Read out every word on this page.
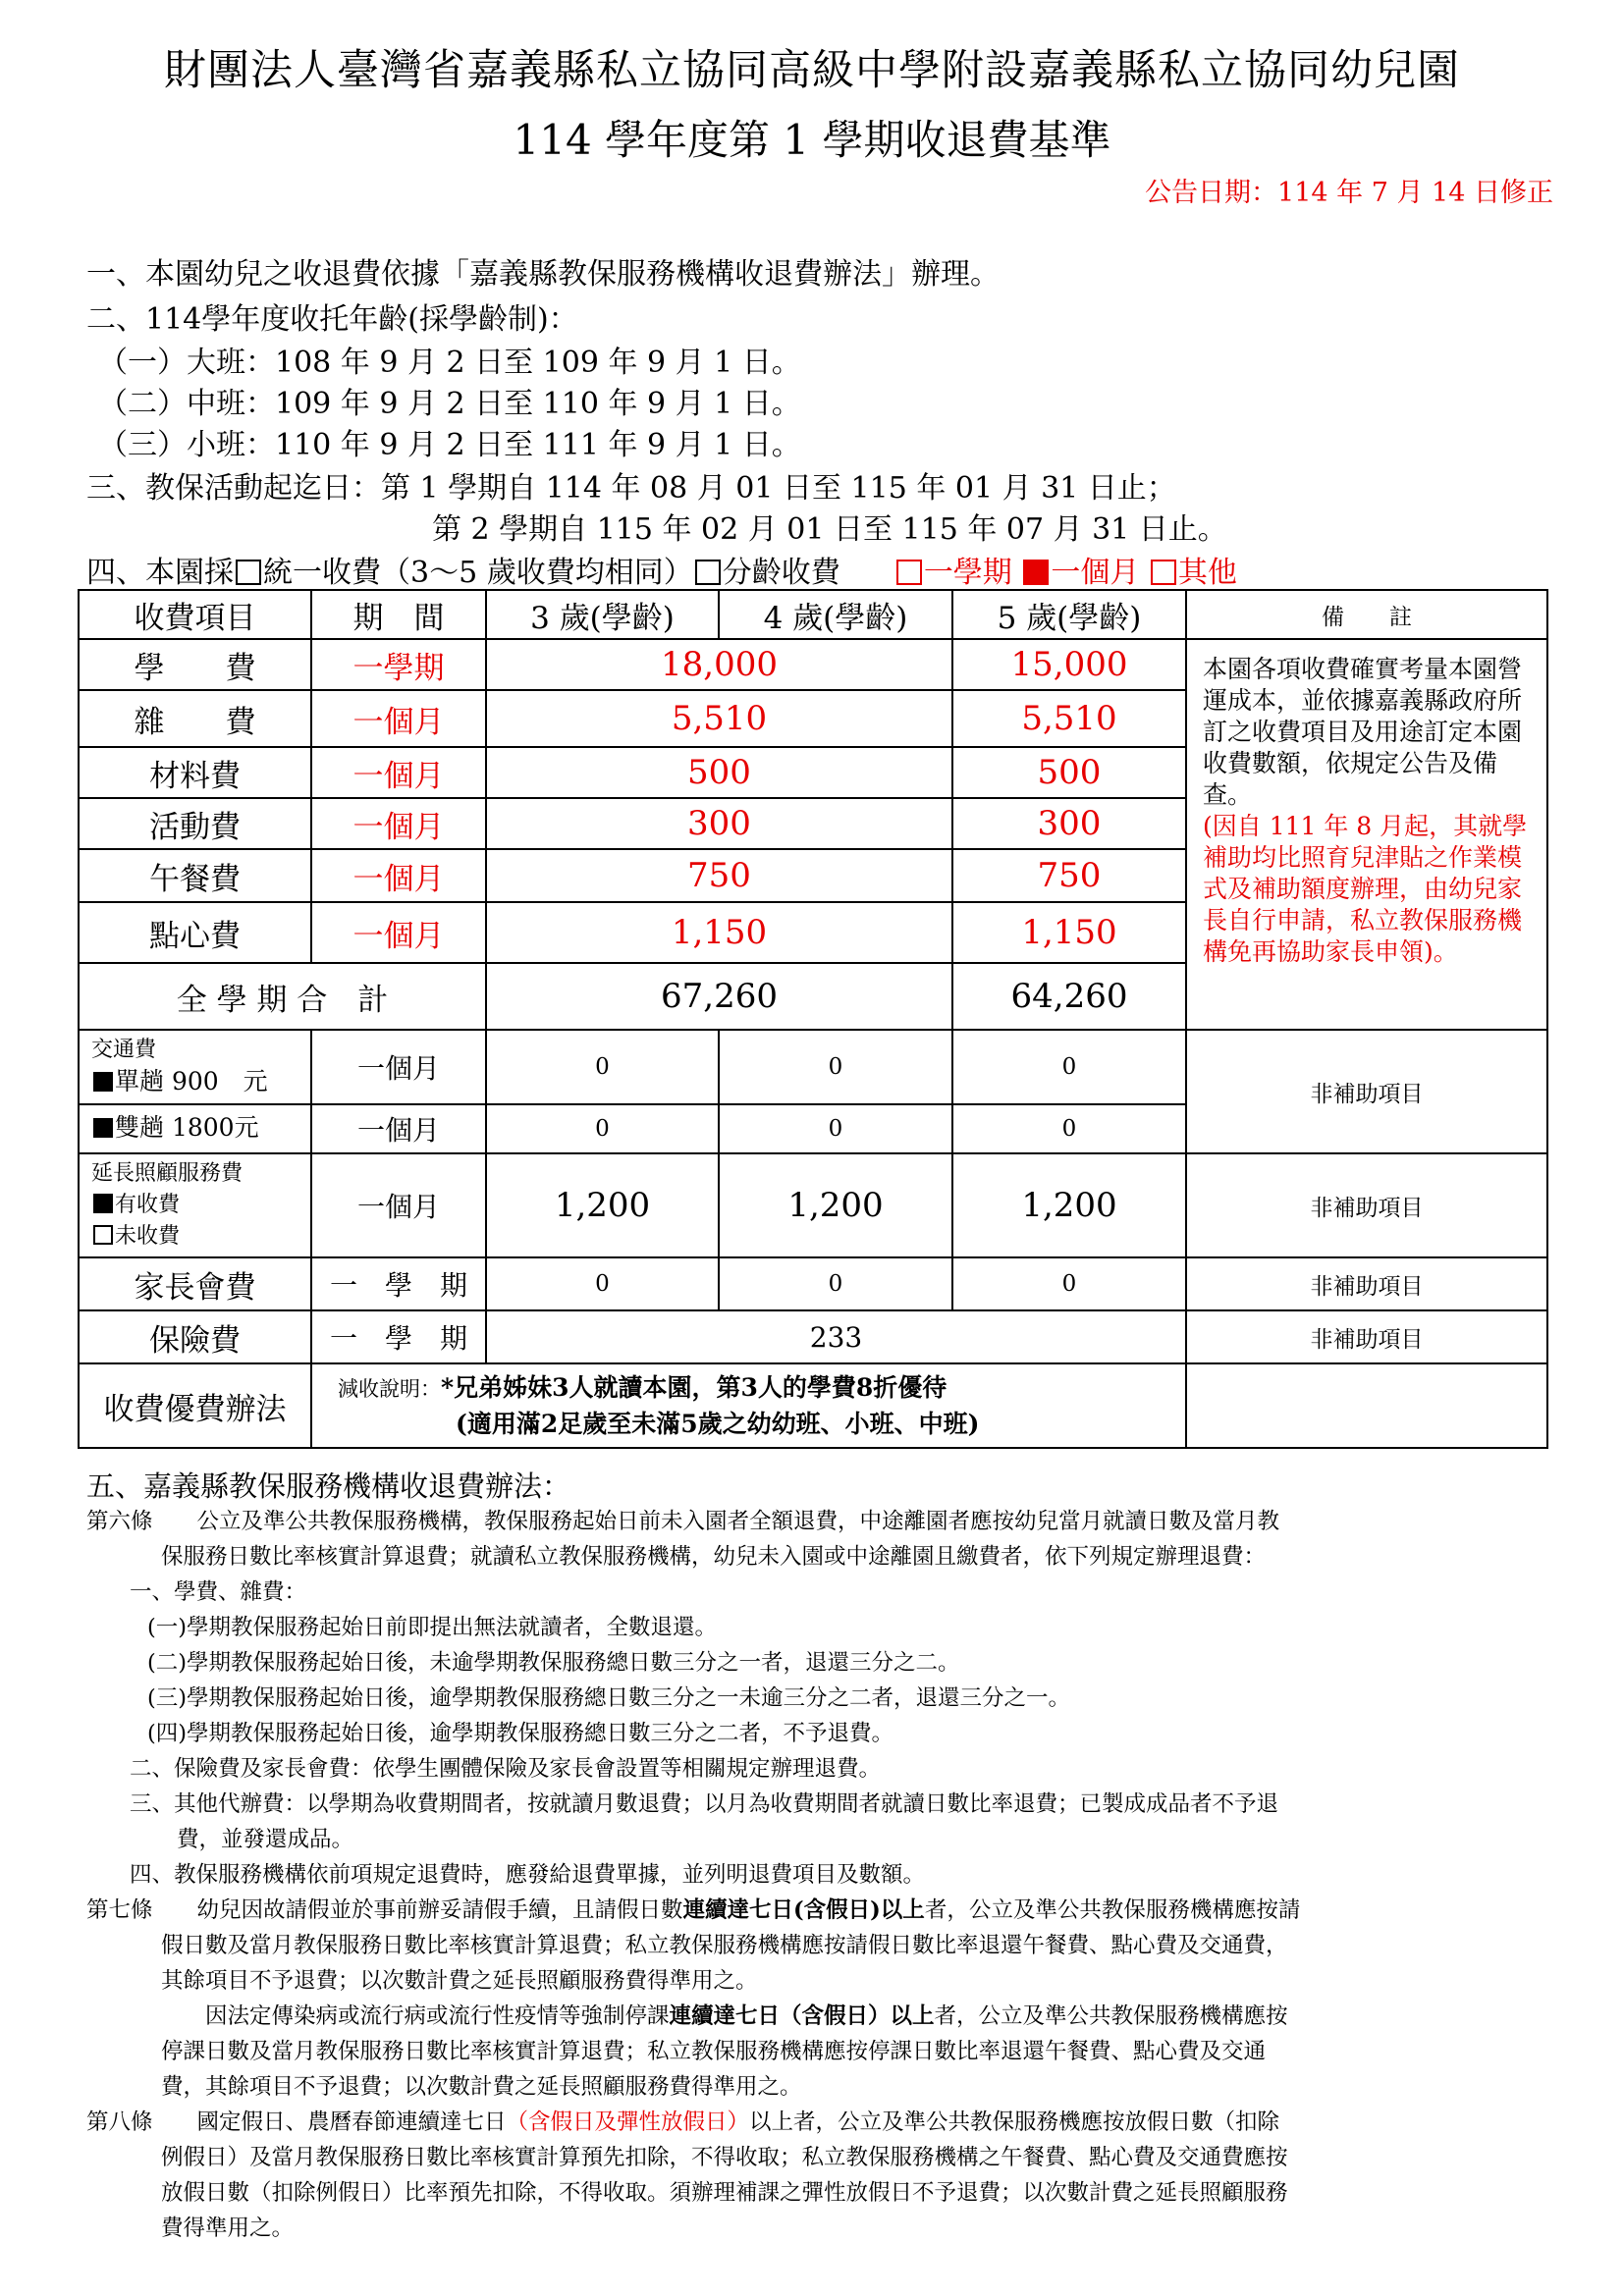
財團法人臺灣省嘉義縣私立協同高級中學附設嘉義縣私立協同幼兒園
114 學年度第 1 學期收退費基準
公告日期：114 年 7 月 14 日修正
一、本園幼兒之收退費依據「嘉義縣教保服務機構收退費辦法」辦理。
二、114學年度收托年齡(採學齡制)：
（一）大班：108 年 9 月 2 日至 109 年 9 月 1 日。
（二）中班：109 年 9 月 2 日至 110 年 9 月 1 日。
（三）小班：110 年 9 月 2 日至 111 年 9 月 1 日。
三、教保活動起迄日：第 1 學期自 114 年 08 月 01 日至 115 年 01 月 31 日止；
第 2 學期自 115 年 02 月 01 日至 115 年 07 月 31 日止。
四、本園採 統一收費（3～5 歲收費均相同） 分齡收費	一學期 一個月 其他
收費項目	期　間	3 歲(學齡)	4 歲(學齡)	5 歲(學齡)	備　　註
學　　費	一學期	18,000		15,000	本園各項收費確實考量本園營運成本，並依據嘉義縣政府所訂之收費項目及用途訂定本園收費數額，依規定公告及備查。
(因自 111 年 8 月起，其就學補助均比照育兒津貼之作業模式及補助額度辦理，由幼兒家長自行申請，私立教保服務機構免再協助家長申領)。
雜　　費	一個月	5,510		5,510	
材料費	一個月	500		500	
活動費	一個月	300		300	
午餐費	一個月	750		750	
點心費	一個月	1,150		1,150	
全 學 期 合　計		67,260		64,260	
交通費
單趟 900　元	一個月	0	0	0	非補助項目
雙趟 1800元	一個月	0	0	0	
延長照顧服務費
有收費
未收費	一個月	1,200	1,200	1,200	非補助項目
家長會費	一　學　期	0	0	0	非補助項目
保險費	一　學　期	233			非補助項目
收費優費辦法	減收說明：*兄弟姊妹3人就讀本園，第3人的學費8折優待
(適用滿2足歲至未滿5歲之幼幼班、小班、中班)				
五、嘉義縣教保服務機構收退費辦法：
第六條　　公立及準公共教保服務機構，教保服務起始日前未入園者全額退費，中途離園者應按幼兒當月就讀日數及當月教
保服務日數比率核實計算退費；就讀私立教保服務機構，幼兒未入園或中途離園且繳費者，依下列規定辦理退費：
一、學費、雜費：
(一)學期教保服務起始日前即提出無法就讀者，全數退還。
(二)學期教保服務起始日後，未逾學期教保服務總日數三分之一者，退還三分之二。
(三)學期教保服務起始日後，逾學期教保服務總日數三分之一未逾三分之二者，退還三分之一。
(四)學期教保服務起始日後，逾學期教保服務總日數三分之二者，不予退費。
二、保險費及家長會費：依學生團體保險及家長會設置等相關規定辦理退費。
三、其他代辦費：以學期為收費期間者，按就讀月數退費；以月為收費期間者就讀日數比率退費；已製成成品者不予退
費，並發還成品。
四、教保服務機構依前項規定退費時，應發給退費單據，並列明退費項目及數額。
第七條　　幼兒因故請假並於事前辦妥請假手續，且請假日數連續達七日(含假日)以上者，公立及準公共教保服務機構應按請
假日數及當月教保服務日數比率核實計算退費；私立教保服務機構應按請假日數比率退還午餐費、點心費及交通費，
其餘項目不予退費；以次數計費之延長照顧服務費得準用之。
　　因法定傳染病或流行病或流行性疫情等強制停課連續達七日（含假日）以上者，公立及準公共教保服務機構應按
停課日數及當月教保服務日數比率核實計算退費；私立教保服務機構應按停課日數比率退還午餐費、點心費及交通
費，其餘項目不予退費；以次數計費之延長照顧服務費得準用之。
第八條　　國定假日、農曆春節連續達七日（含假日及彈性放假日）以上者，公立及準公共教保服務機應按放假日數（扣除
例假日）及當月教保服務日數比率核實計算預先扣除，不得收取；私立教保服務機構之午餐費、點心費及交通費應按
放假日數（扣除例假日）比率預先扣除，不得收取。須辦理補課之彈性放假日不予退費；以次數計費之延長照顧服務
費得準用之。
